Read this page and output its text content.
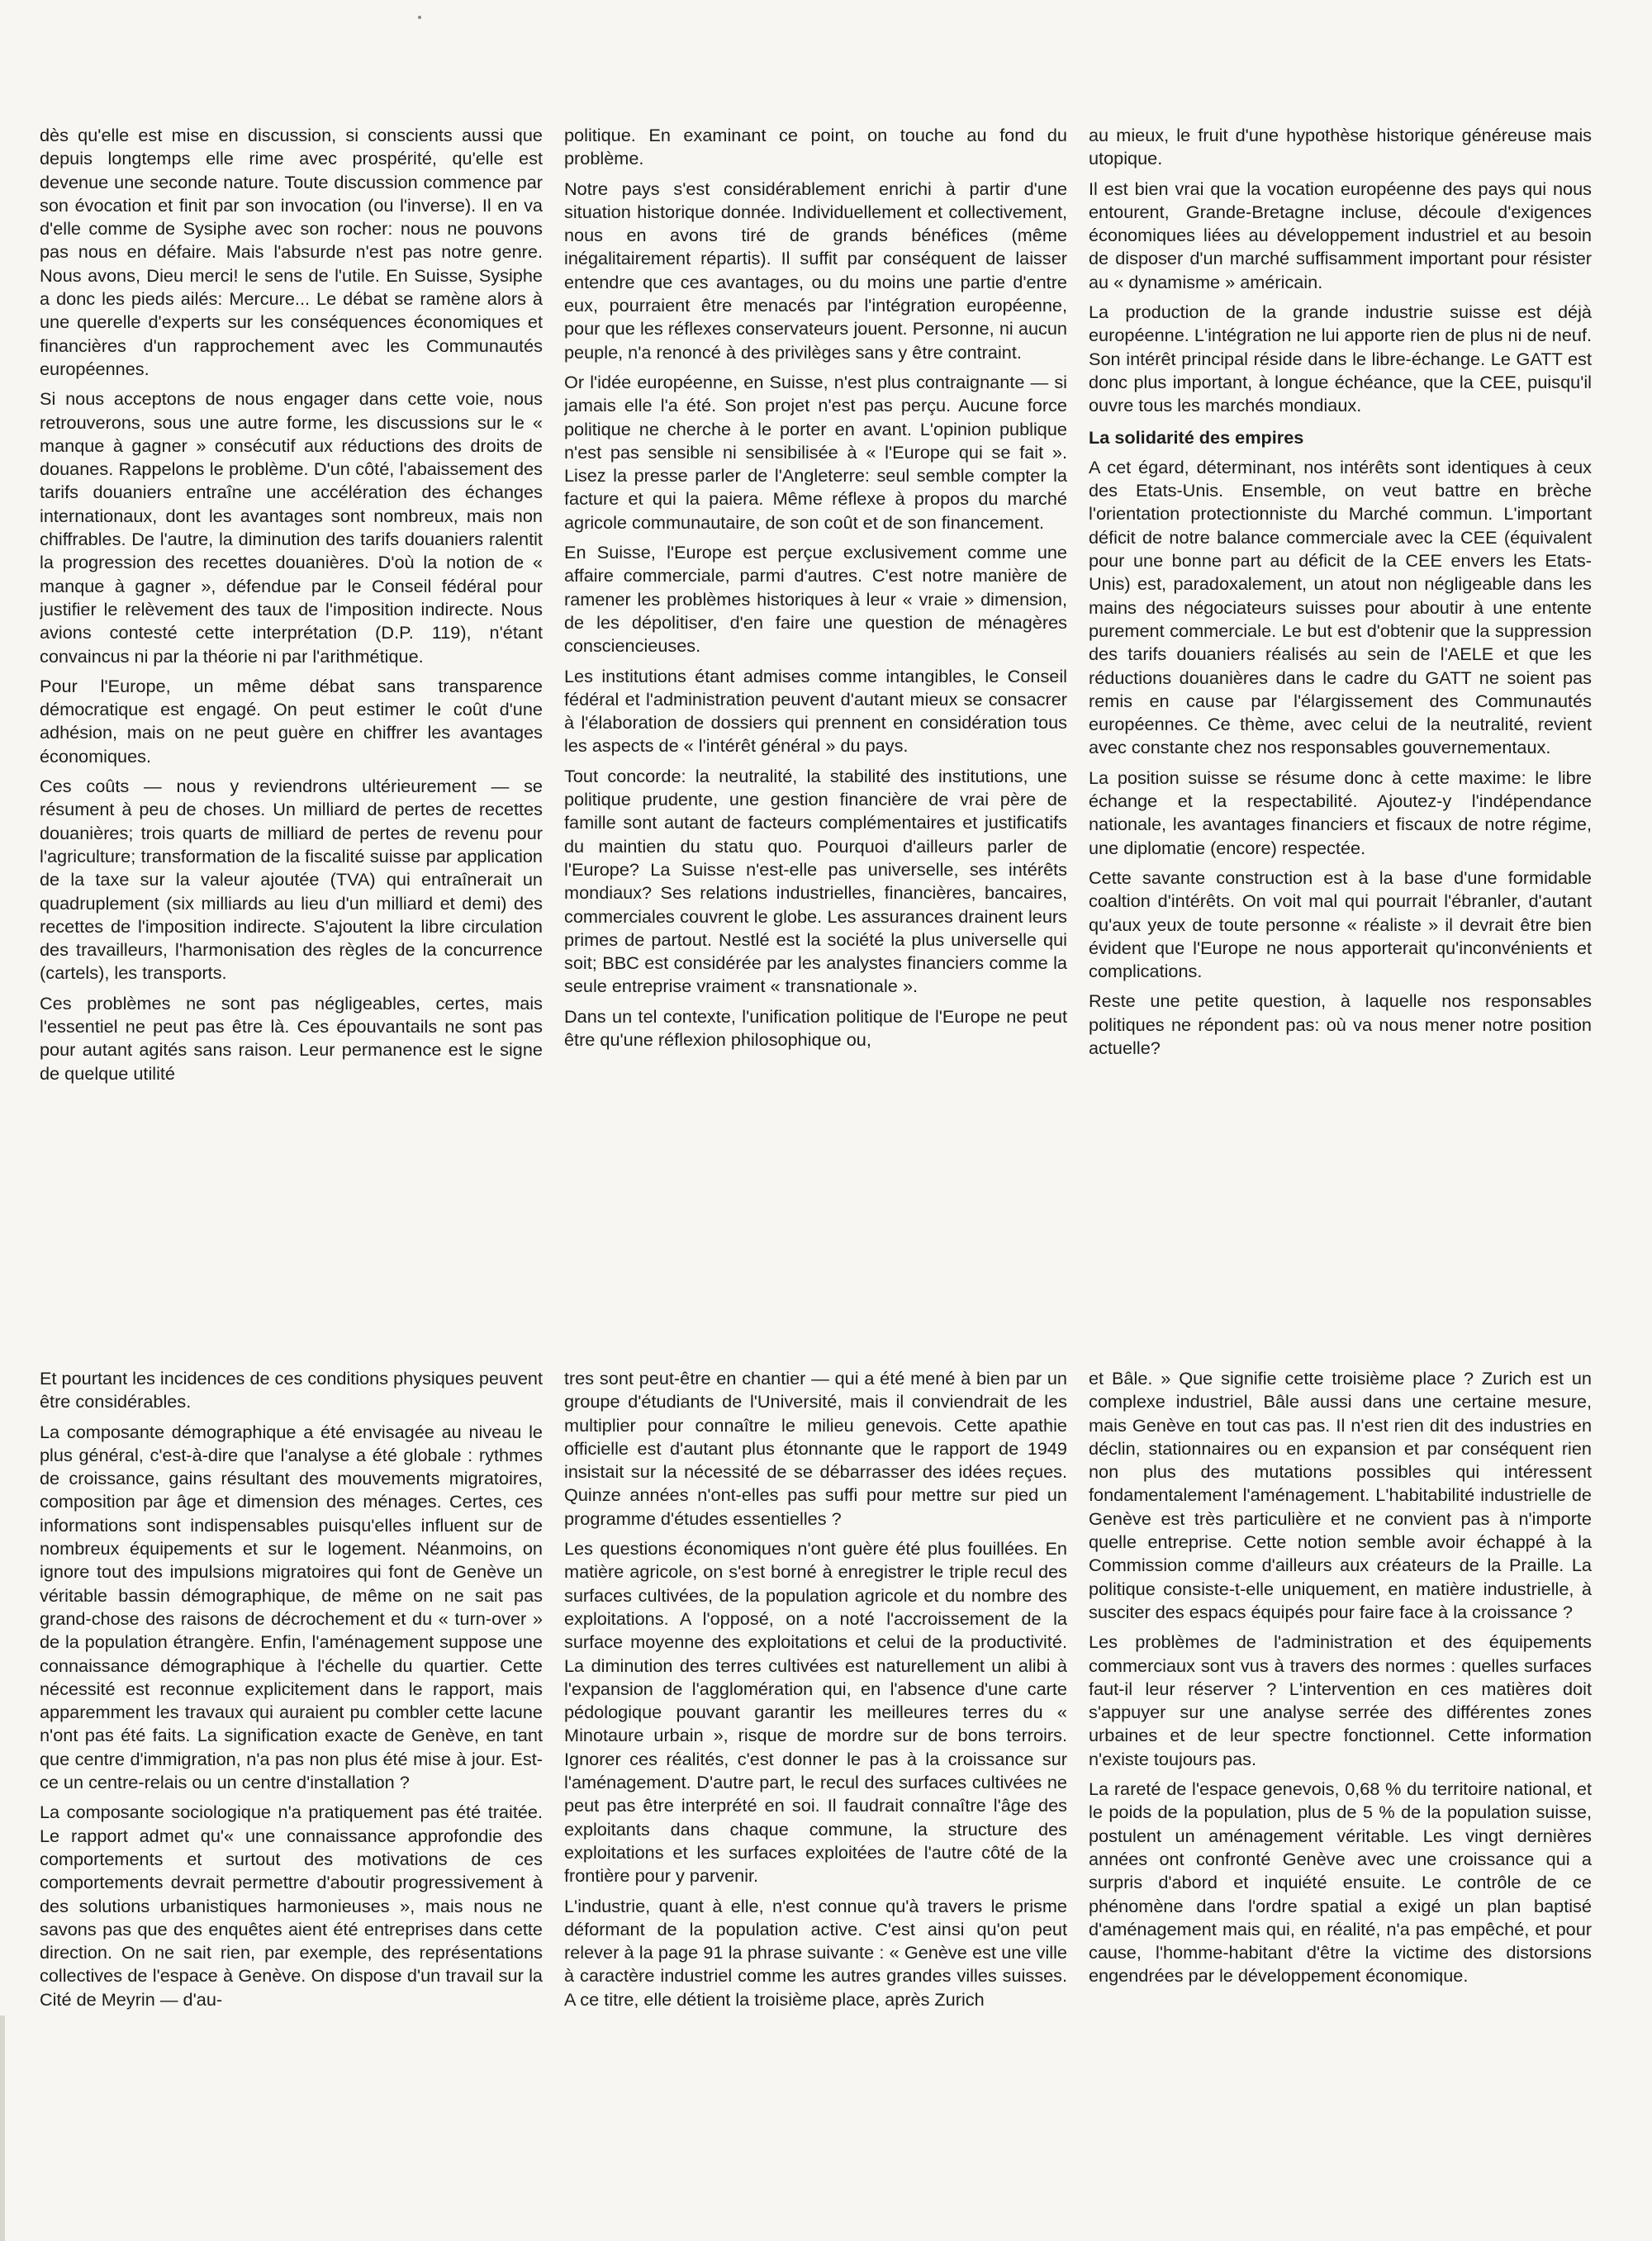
dès qu'elle est mise en discussion, si conscients aussi que depuis longtemps elle rime avec prospérité, qu'elle est devenue une seconde nature. Toute discussion commence par son évocation et finit par son invocation (ou l'inverse). Il en va d'elle comme de Sysiphe avec son rocher: nous ne pouvons pas nous en défaire. Mais l'absurde n'est pas notre genre. Nous avons, Dieu merci! le sens de l'utile. En Suisse, Sysiphe a donc les pieds ailés: Mercure... Le débat se ramène alors à une querelle d'experts sur les conséquences économiques et financières d'un rapprochement avec les Communautés européennes.

Si nous acceptons de nous engager dans cette voie, nous retrouverons, sous une autre forme, les discussions sur le « manque à gagner » consécutif aux réductions des droits de douanes. Rappelons le problème. D'un côté, l'abaissement des tarifs douaniers entraîne une accélération des échanges internationaux, dont les avantages sont nombreux, mais non chiffrables. De l'autre, la diminution des tarifs douaniers ralentit la progression des recettes douanières. D'où la notion de « manque à gagner », défendue par le Conseil fédéral pour justifier le relèvement des taux de l'imposition indirecte. Nous avions contesté cette interprétation (D.P. 119), n'étant convaincus ni par la théorie ni par l'arithmétique.

Pour l'Europe, un même débat sans transparence démocratique est engagé. On peut estimer le coût d'une adhésion, mais on ne peut guère en chiffrer les avantages économiques.

Ces coûts — nous y reviendrons ultérieurement — se résument à peu de choses. Un milliard de pertes de recettes douanières; trois quarts de milliard de pertes de revenu pour l'agriculture; transformation de la fiscalité suisse par application de la taxe sur la valeur ajoutée (TVA) qui entraînerait un quadruplement (six milliards au lieu d'un milliard et demi) des recettes de l'imposition indirecte. S'ajoutent la libre circulation des travailleurs, l'harmonisation des règles de la concurrence (cartels), les transports.

Ces problèmes ne sont pas négligeables, certes, mais l'essentiel ne peut pas être là. Ces épouvantails ne sont pas pour autant agités sans raison. Leur permanence est le signe de quelque utilité

politique. En examinant ce point, on touche au fond du problème.

Notre pays s'est considérablement enrichi à partir d'une situation historique donnée. Individuellement et collectivement, nous en avons tiré de grands bénéfices (même inégalitairement répartis). Il suffit par conséquent de laisser entendre que ces avantages, ou du moins une partie d'entre eux, pourraient être menacés par l'intégration européenne, pour que les réflexes conservateurs jouent. Personne, ni aucun peuple, n'a renoncé à des privilèges sans y être contraint.

Or l'idée européenne, en Suisse, n'est plus contraignante — si jamais elle l'a été. Son projet n'est pas perçu. Aucune force politique ne cherche à le porter en avant. L'opinion publique n'est pas sensible ni sensibilisée à « l'Europe qui se fait ». Lisez la presse parler de l'Angleterre: seul semble compter la facture et qui la paiera. Même réflexe à propos du marché agricole communautaire, de son coût et de son financement.

En Suisse, l'Europe est perçue exclusivement comme une affaire commerciale, parmi d'autres. C'est notre manière de ramener les problèmes historiques à leur « vraie » dimension, de les dépolitiser, d'en faire une question de ménagères consciencieuses.

Les institutions étant admises comme intangibles, le Conseil fédéral et l'administration peuvent d'autant mieux se consacrer à l'élaboration de dossiers qui prennent en considération tous les aspects de « l'intérêt général » du pays.

Tout concorde: la neutralité, la stabilité des institutions, une politique prudente, une gestion financière de vrai père de famille sont autant de facteurs complémentaires et justificatifs du maintien du statu quo. Pourquoi d'ailleurs parler de l'Europe? La Suisse n'est-elle pas universelle, ses intérêts mondiaux? Ses relations industrielles, financières, bancaires, commerciales couvrent le globe. Les assurances drainent leurs primes de partout. Nestlé est la société la plus universelle qui soit; BBC est considérée par les analystes financiers comme la seule entreprise vraiment « transnationale ».

Dans un tel contexte, l'unification politique de l'Europe ne peut être qu'une réflexion philosophique ou,

au mieux, le fruit d'une hypothèse historique généreuse mais utopique.

Il est bien vrai que la vocation européenne des pays qui nous entourent, Grande-Bretagne incluse, découle d'exigences économiques liées au développement industriel et au besoin de disposer d'un marché suffisamment important pour résister au « dynamisme » américain.

La production de la grande industrie suisse est déjà européenne. L'intégration ne lui apporte rien de plus ni de neuf. Son intérêt principal réside dans le libre-échange. Le GATT est donc plus important, à longue échéance, que la CEE, puisqu'il ouvre tous les marchés mondiaux.

La solidarité des empires

A cet égard, déterminant, nos intérêts sont identiques à ceux des Etats-Unis. Ensemble, on veut battre en brèche l'orientation protectionniste du Marché commun. L'important déficit de notre balance commerciale avec la CEE (équivalent pour une bonne part au déficit de la CEE envers les Etats-Unis) est, paradoxalement, un atout non négligeable dans les mains des négociateurs suisses pour aboutir à une entente purement commerciale. Le but est d'obtenir que la suppression des tarifs douaniers réalisés au sein de l'AELE et que les réductions douanières dans le cadre du GATT ne soient pas remis en cause par l'élargissement des Communautés européennes. Ce thème, avec celui de la neutralité, revient avec constante chez nos responsables gouvernementaux.

La position suisse se résume donc à cette maxime: le libre échange et la respectabilité. Ajoutez-y l'indépendance nationale, les avantages financiers et fiscaux de notre régime, une diplomatie (encore) respectée.

Cette savante construction est à la base d'une formidable coaltion d'intérêts. On voit mal qui pourrait l'ébranler, d'autant qu'aux yeux de toute personne « réaliste » il devrait être bien évident que l'Europe ne nous apporterait qu'inconvénients et complications.

Reste une petite question, à laquelle nos responsables politiques ne répondent pas: où va nous mener notre position actuelle?

Et pourtant les incidences de ces conditions physiques peuvent être considérables.

La composante démographique a été envisagée au niveau le plus général, c'est-à-dire que l'analyse a été globale : rythmes de croissance, gains résultant des mouvements migratoires, composition par âge et dimension des ménages. Certes, ces informations sont indispensables puisqu'elles influent sur de nombreux équipements et sur le logement. Néanmoins, on ignore tout des impulsions migratoires qui font de Genève un véritable bassin démographique, de même on ne sait pas grand-chose des raisons de décrochement et du « turn-over » de la population étrangère. Enfin, l'aménagement suppose une connaissance démographique à l'échelle du quartier. Cette nécessité est reconnue explicitement dans le rapport, mais apparemment les travaux qui auraient pu combler cette lacune n'ont pas été faits. La signification exacte de Genève, en tant que centre d'immigration, n'a pas non plus été mise à jour. Est-ce un centre-relais ou un centre d'installation ?

La composante sociologique n'a pratiquement pas été traitée. Le rapport admet qu'« une connaissance approfondie des comportements et surtout des motivations de ces comportements devrait permettre d'aboutir progressivement à des solutions urbanistiques harmonieuses », mais nous ne savons pas que des enquêtes aient été entreprises dans cette direction. On ne sait rien, par exemple, des représentations collectives de l'espace à Genève. On dispose d'un travail sur la Cité de Meyrin — d'au-

tres sont peut-être en chantier — qui a été mené à bien par un groupe d'étudiants de l'Université, mais il conviendrait de les multiplier pour connaître le milieu genevois. Cette apathie officielle est d'autant plus étonnante que le rapport de 1949 insistait sur la nécessité de se débarrasser des idées reçues. Quinze années n'ont-elles pas suffi pour mettre sur pied un programme d'études essentielles ?

Les questions économiques n'ont guère été plus fouillées. En matière agricole, on s'est borné à enregistrer le triple recul des surfaces cultivées, de la population agricole et du nombre des exploitations. A l'opposé, on a noté l'accroissement de la surface moyenne des exploitations et celui de la productivité. La diminution des terres cultivées est naturellement un alibi à l'expansion de l'agglomération qui, en l'absence d'une carte pédologique pouvant garantir les meilleures terres du « Minotaure urbain », risque de mordre sur de bons terroirs. Ignorer ces réalités, c'est donner le pas à la croissance sur l'aménagement. D'autre part, le recul des surfaces cultivées ne peut pas être interprété en soi. Il faudrait connaître l'âge des exploitants dans chaque commune, la structure des exploitations et les surfaces exploitées de l'autre côté de la frontière pour y parvenir.

L'industrie, quant à elle, n'est connue qu'à travers le prisme déformant de la population active. C'est ainsi qu'on peut relever à la page 91 la phrase suivante : « Genève est une ville à caractère industriel comme les autres grandes villes suisses. A ce titre, elle détient la troisième place, après Zurich

et Bâle. » Que signifie cette troisième place ? Zurich est un complexe industriel, Bâle aussi dans une certaine mesure, mais Genève en tout cas pas. Il n'est rien dit des industries en déclin, stationnaires ou en expansion et par conséquent rien non plus des mutations possibles qui intéressent fondamentalement l'aménagement. L'habitabilité industrielle de Genève est très particulière et ne convient pas à n'importe quelle entreprise. Cette notion semble avoir échappé à la Commission comme d'ailleurs aux créateurs de la Praille. La politique consiste-t-elle uniquement, en matière industrielle, à susciter des espacs équipés pour faire face à la croissance ?

Les problèmes de l'administration et des équipements commerciaux sont vus à travers des normes : quelles surfaces faut-il leur réserver ? L'intervention en ces matières doit s'appuyer sur une analyse serrée des différentes zones urbaines et de leur spectre fonctionnel. Cette information n'existe toujours pas.

La rareté de l'espace genevois, 0,68 % du territoire national, et le poids de la population, plus de 5 % de la population suisse, postulent un aménagement véritable. Les vingt dernières années ont confronté Genève avec une croissance qui a surpris d'abord et inquiété ensuite. Le contrôle de ce phénomène dans l'ordre spatial a exigé un plan baptisé d'aménagement mais qui, en réalité, n'a pas empêché, et pour cause, l'homme-habitant d'être la victime des distorsions engendrées par le développement économique.
